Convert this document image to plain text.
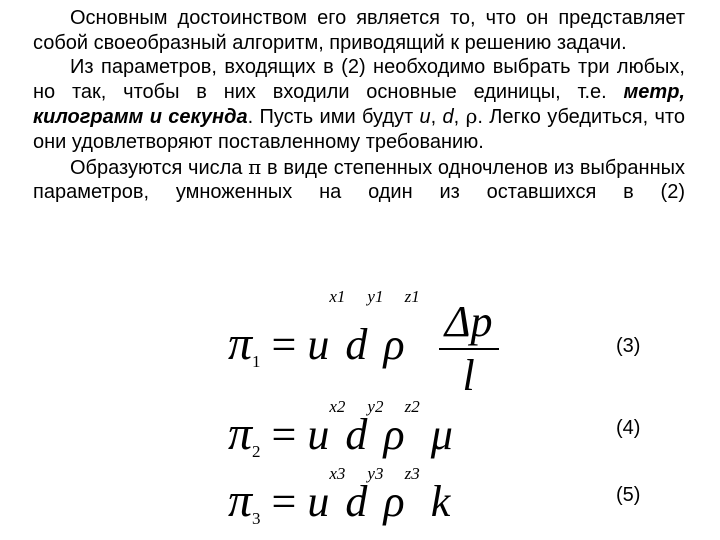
Основным достоинством его является то, что он представляет собой своеобразный алгоритм, приводящий к решению задачи.

Из параметров, входящих в (2) необходимо выбрать три любых, но так, чтобы в них входили основные единицы, т.е. метр, килограмм и секунда. Пусть ими будут u, d, ρ. Легко убедиться, что они удовлетворяют поставленному требованию.

Образуются числа π в виде степенных одночленов из выбранных параметров, умноженных на один из оставшихся в (2)

$\pi_1 = u^{x1}d^{y1}\rho^{z1}$
$\frac{\Delta p}{l}$	(3)
$\pi_2 = u^{x2}d^{y2}\rho^{z2}$ μ	(4)
$\pi_3 = u^{x3}d^{y3}\rho^{z3}$ k	(5)
